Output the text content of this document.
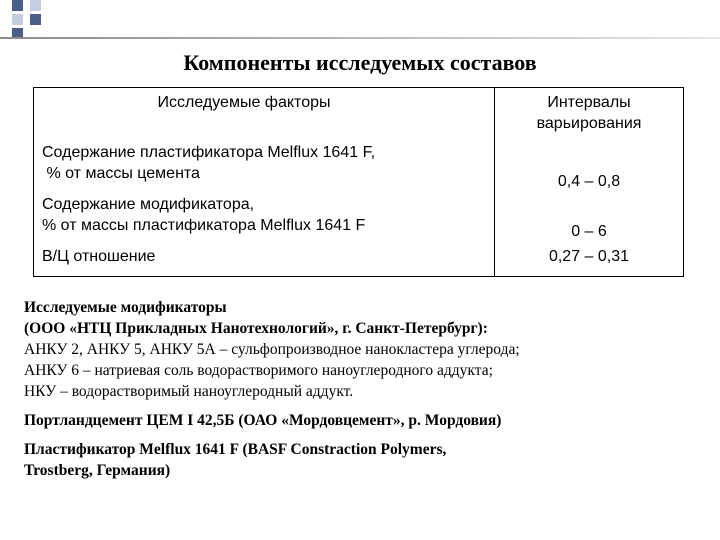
Компоненты исследуемых составов
Исследуемые факторы	Интервалы варьирования

Содержание пластификатора Melflux 1641 F,
% от массы цемента	0,4 – 0,8

Содержание модификатора,
% от массы пластификатора Melflux 1641 F	0 – 6

В/Ц отношение	0,27 – 0,31

Исследуемые модификаторы

(ООО «НТЦ Прикладных Нанотехнологий», г. Санкт-Петербург):

АНКУ 2, АНКУ 5, АНКУ 5А – сульфопроизводное нанокластера углерода;

АНКУ 6 – натриевая соль водорастворимого наноуглеродного аддукта;

НКУ – водорастворимый наноуглеродный аддукт.

Портландцемент ЦЕМ I 42,5Б (ОАО «Мордовцемент», р. Мордовия)

Пластификатор Melflux 1641 F (BASF Constraction Polymers,

Trostberg, Германия)
